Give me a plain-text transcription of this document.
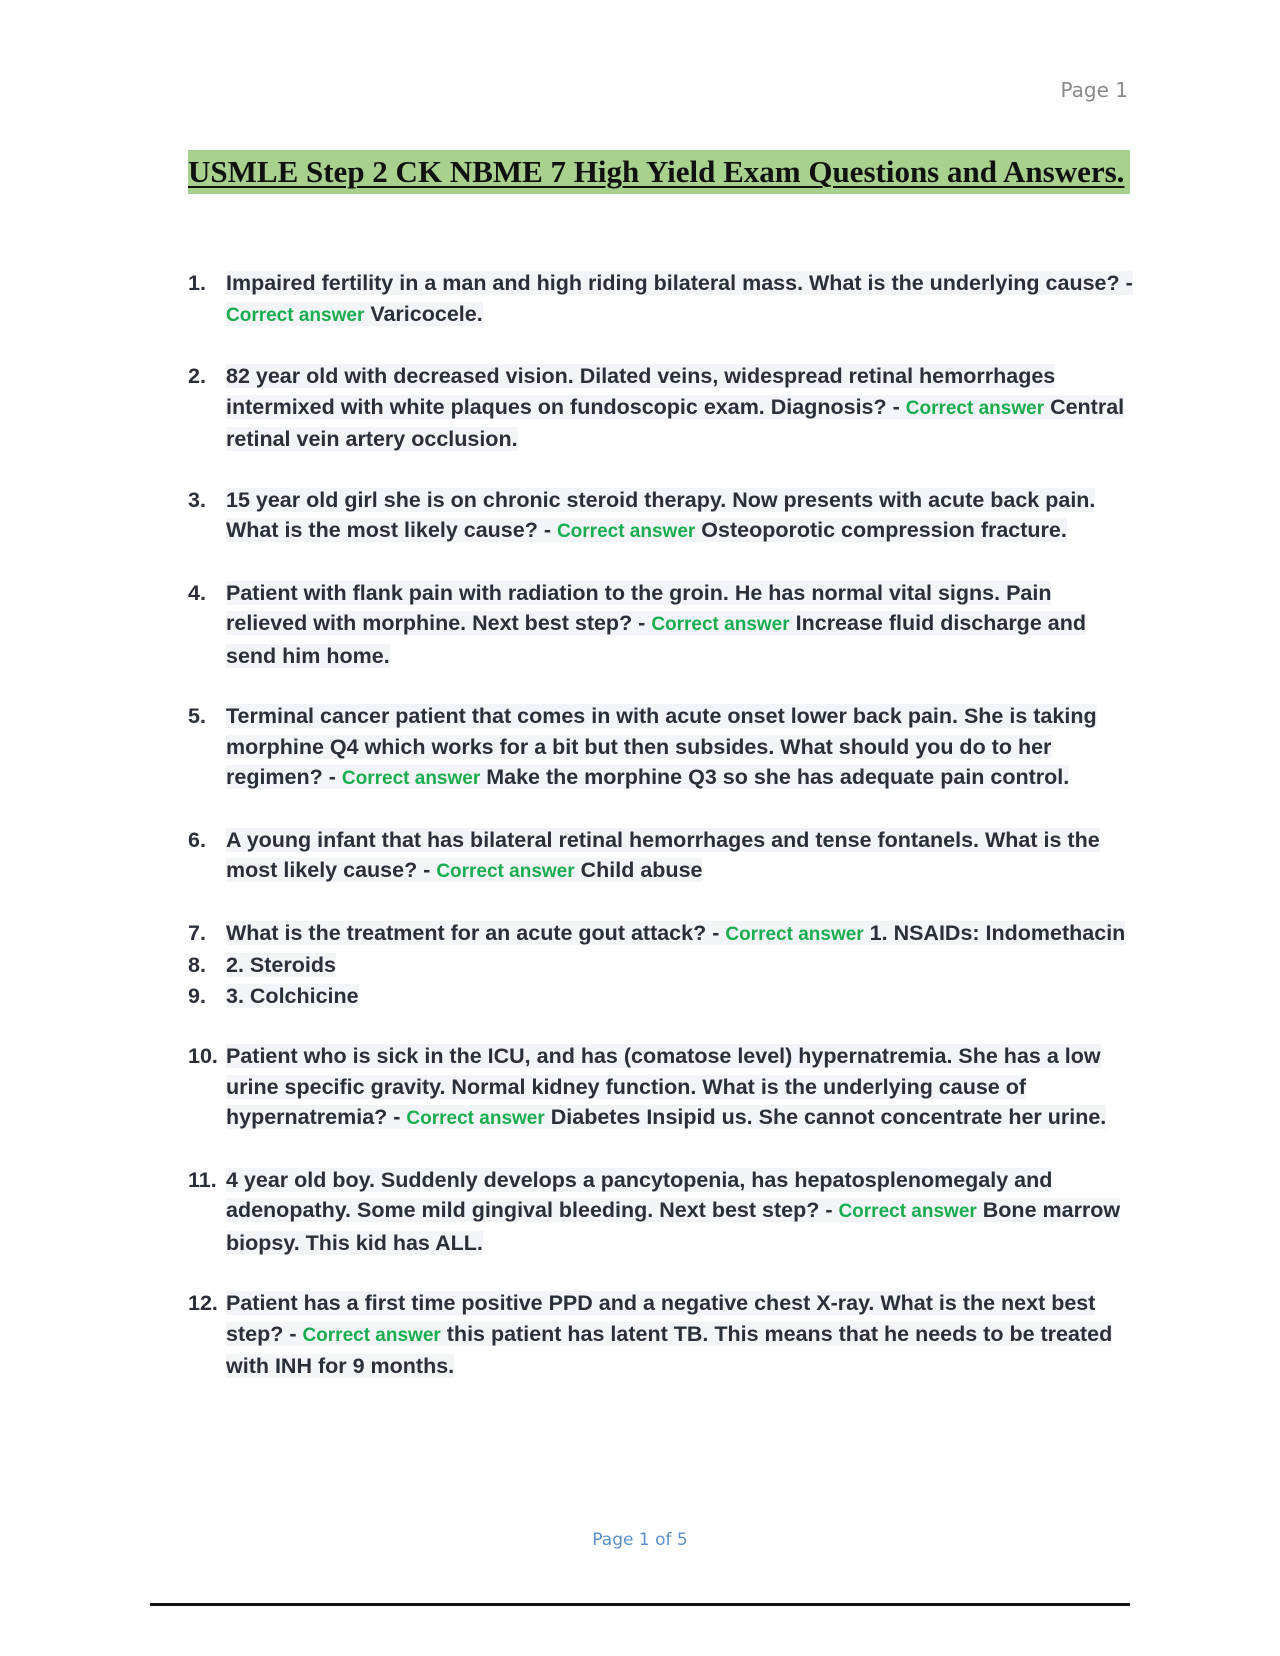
Page 1
USMLE Step 2 CK NBME 7 High Yield Exam Questions and Answers.
1. Impaired fertility in a man and high riding bilateral mass. What is the underlying cause? - Correct answer Varicocele.
2. 82 year old with decreased vision. Dilated veins, widespread retinal hemorrhages intermixed with white plaques on fundoscopic exam. Diagnosis? - Correct answer Central retinal vein artery occlusion.
3. 15 year old girl she is on chronic steroid therapy. Now presents with acute back pain. What is the most likely cause? - Correct answer Osteoporotic compression fracture.
4. Patient with flank pain with radiation to the groin. He has normal vital signs. Pain relieved with morphine. Next best step? - Correct answer Increase fluid discharge and send him home.
5. Terminal cancer patient that comes in with acute onset lower back pain. She is taking morphine Q4 which works for a bit but then subsides. What should you do to her regimen? - Correct answer Make the morphine Q3 so she has adequate pain control.
6. A young infant that has bilateral retinal hemorrhages and tense fontanels. What is the most likely cause? - Correct answer Child abuse
7. What is the treatment for an acute gout attack? - Correct answer 1. NSAIDs: Indomethacin
8. 2. Steroids
9. 3. Colchicine
10. Patient who is sick in the ICU, and has (comatose level) hypernatremia. She has a low urine specific gravity. Normal kidney function. What is the underlying cause of hypernatremia? - Correct answer Diabetes Insipid us. She cannot concentrate her urine.
11. 4 year old boy. Suddenly develops a pancytopenia, has hepatosplenomegaly and adenopathy. Some mild gingival bleeding. Next best step? - Correct answer Bone marrow biopsy. This kid has ALL.
12. Patient has a first time positive PPD and a negative chest X-ray. What is the next best step? - Correct answer this patient has latent TB. This means that he needs to be treated with INH for 9 months.
Page 1 of 5
